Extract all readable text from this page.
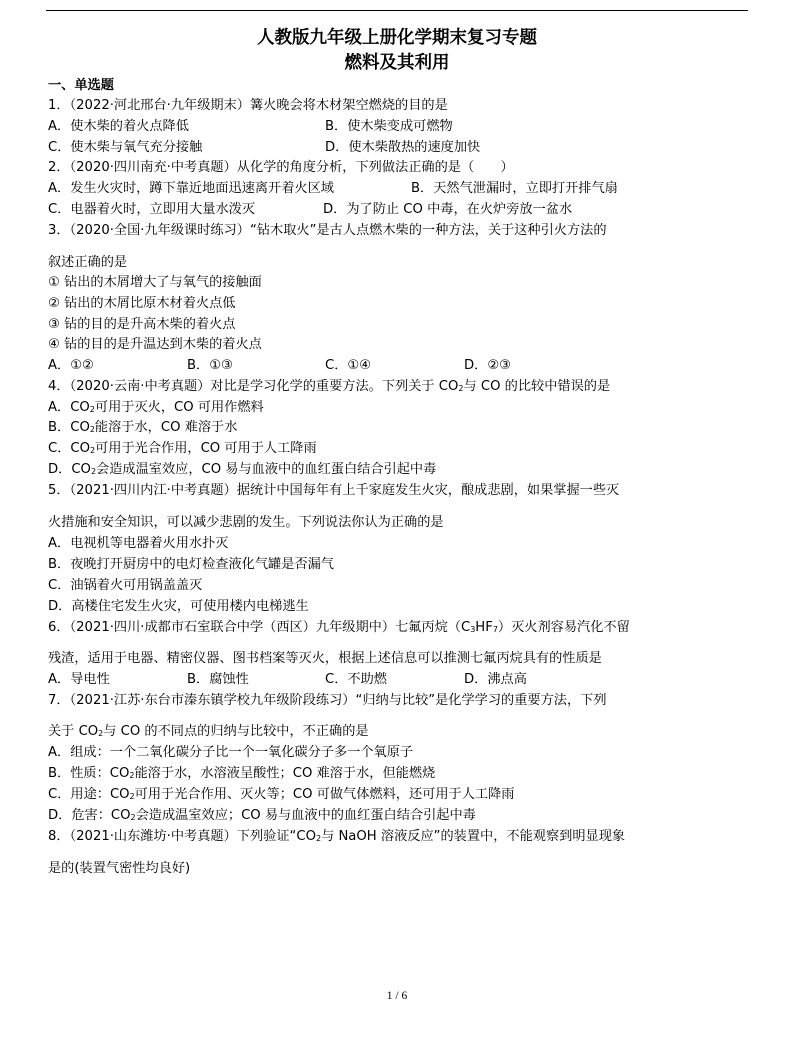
人教版九年级上册化学期末复习专题
燃料及其利用
一、单选题
1．（2022·河北邢台·九年级期末）篝火晚会将木材架空燃烧的目的是
A．使木柴的着火点降低	B．使木柴变成可燃物
C．使木柴与氧气充分接触	D．使木柴散热的速度加快
2．（2020·四川南充·中考真题）从化学的角度分析，下列做法正确的是（　　）
A．发生火灾时，蹲下靠近地面迅速离开着火区域	B．天然气泄漏时，立即打开排气扇
C．电器着火时，立即用大量水泼灭	D．为了防止 CO 中毒，在火炉旁放一盆水
3．（2020·全国·九年级课时练习）“钻木取火”是古人点燃木柴的一种方法，关于这种引火方法的
叙述正确的是
① 钻出的木屑增大了与氧气的接触面
② 钻出的木屑比原木材着火点低
③ 钻的目的是升高木柴的着火点
④ 钻的目的是升温达到木柴的着火点
A．①②	B．①③	C．①④	D．②③
4．（2020·云南·中考真题）对比是学习化学的重要方法。下列关于 $CO_2$与 CO 的比较中错误的是
A．$CO_2$可用于灭火，CO 可用作燃料
B．$CO_2$能溶于水，CO 难溶于水
C．$CO_2$可用于光合作用，CO 可用于人工降雨
D．$CO_2$会造成温室效应，CO 易与血液中的血红蛋白结合引起中毒
5．（2021·四川内江·中考真题）据统计中国每年有上千家庭发生火灾，酿成悲剧，如果掌握一些灭
火措施和安全知识，可以减少悲剧的发生。下列说法你认为正确的是
A．电视机等电器着火用水扑灭
B．夜晚打开厨房中的电灯检查液化气罐是否漏气
C．油锅着火可用锅盖盖灭
D．高楼住宅发生火灾，可使用楼内电梯逃生
6．（2021·四川·成都市石室联合中学（西区）九年级期中）七氟丙烷$(C_3HF_7)$灭火剂容易汽化不留
残渣，适用于电器、精密仪器、图书档案等灭火，根据上述信息可以推测七氟丙烷具有的性质是
A．导电性	B．腐蚀性	C．不助燃	D．沸点高
7．（2021·江苏·东台市溱东镇学校九年级阶段练习）“归纳与比较”是化学学习的重要方法，下列
关于 $CO_2$与 CO 的不同点的归纳与比较中，不正确的是
A．组成：一个二氧化碳分子比一个一氧化碳分子多一个氧原子
B．性质：$CO_2$能溶于水，水溶液呈酸性；CO 难溶于水，但能燃烧
C．用途：$CO_2$可用于光合作用、灭火等；CO 可做气体燃料，还可用于人工降雨
D．危害：$CO_2$会造成温室效应；CO 易与血液中的血红蛋白结合引起中毒
8．（2021·山东潍坊·中考真题）下列验证“$CO_2$与 NaOH 溶液反应”的装置中，不能观察到明显现象
是的(装置气密性均良好)
1 / 6
